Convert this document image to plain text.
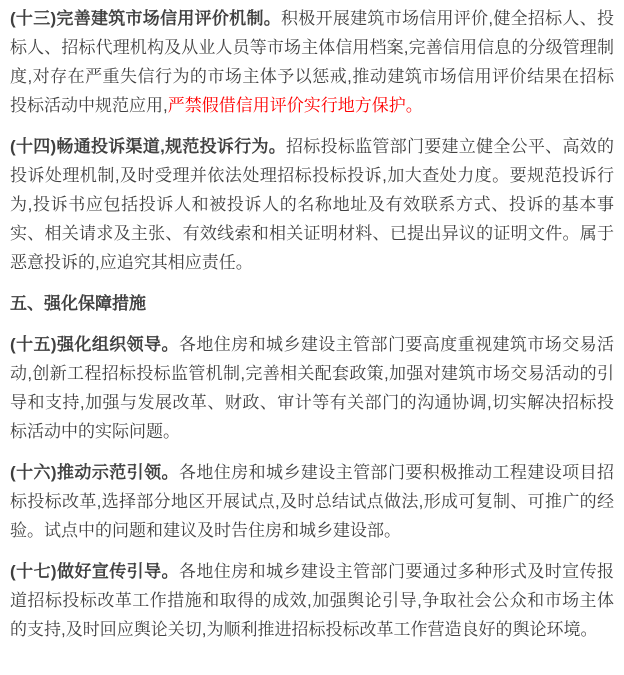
(十三)完善建筑市场信用评价机制。积极开展建筑市场信用评价,健全招标人、投标人、招标代理机构及从业人员等市场主体信用档案,完善信用信息的分级管理制度,对存在严重失信行为的市场主体予以惩戒,推动建筑市场信用评价结果在招标投标活动中规范应用,严禁假借信用评价实行地方保护。

(十四)畅通投诉渠道,规范投诉行为。招标投标监管部门要建立健全公平、高效的投诉处理机制,及时受理并依法处理招标投标投诉,加大查处力度。要规范投诉行为,投诉书应包括投诉人和被投诉人的名称地址及有效联系方式、投诉的基本事实、相关请求及主张、有效线索和相关证明材料、已提出异议的证明文件。属于恶意投诉的,应追究其相应责任。

五、强化保障措施

(十五)强化组织领导。各地住房和城乡建设主管部门要高度重视建筑市场交易活动,创新工程招标投标监管机制,完善相关配套政策,加强对建筑市场交易活动的引导和支持,加强与发展改革、财政、审计等有关部门的沟通协调,切实解决招标投标活动中的实际问题。

(十六)推动示范引领。各地住房和城乡建设主管部门要积极推动工程建设项目招标投标改革,选择部分地区开展试点,及时总结试点做法,形成可复制、可推广的经验。试点中的问题和建议及时告住房和城乡建设部。

(十七)做好宣传引导。各地住房和城乡建设主管部门要通过多种形式及时宣传报道招标投标改革工作措施和取得的成效,加强舆论引导,争取社会公众和市场主体的支持,及时回应舆论关切,为顺利推进招标投标改革工作营造良好的舆论环境。
